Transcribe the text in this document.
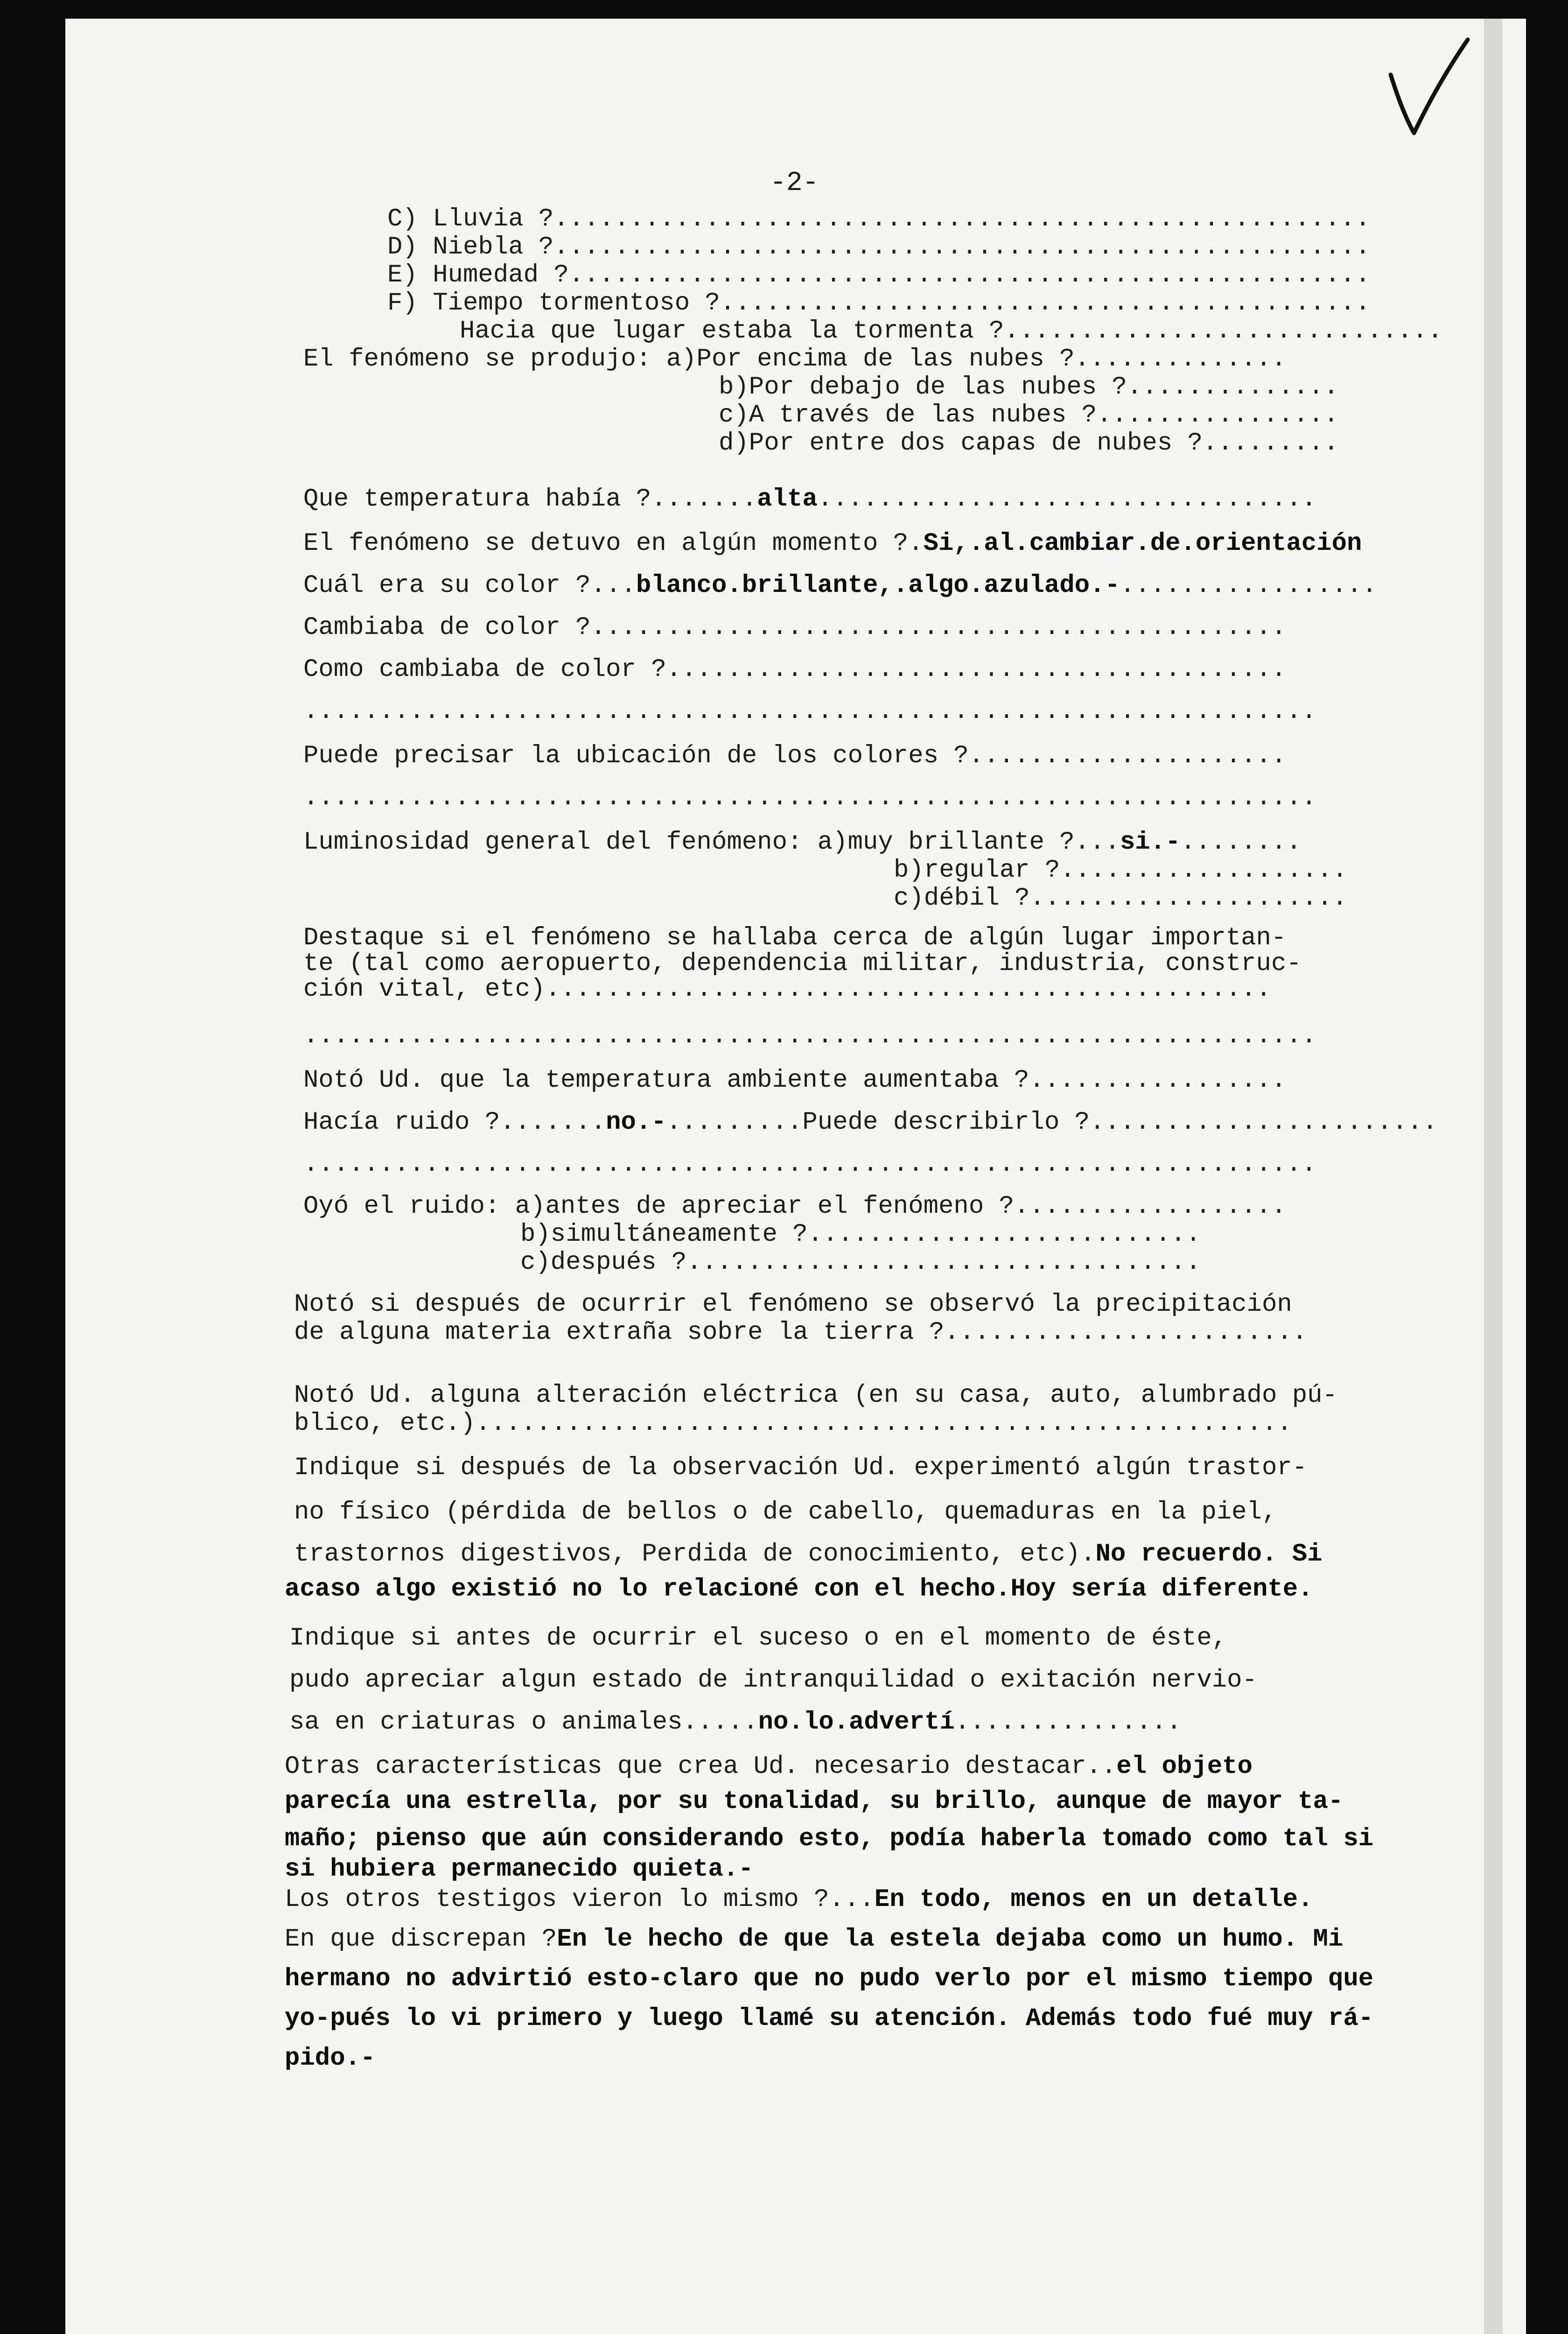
-2-

C) Lluvia ?......................................................

D) Niebla ?......................................................

E) Humedad ?.....................................................

F) Tiempo tormentoso ?...........................................

Hacia que lugar estaba la tormenta ?.............................

El fenómeno se produjo: a)Por encima de las nubes ?..............

b)Por debajo de las nubes ?..............

c)A través de las nubes ?................

d)Por entre dos capas de nubes ?.........

Que temperatura había ?.......alta.................................

El fenómeno se detuvo en algún momento ?.Si,.al.cambiar.de.orientación

Cuál era su color ?...blanco.brillante,.algo.azulado.-.................

Cambiaba de color ?..............................................

Como cambiaba de color ?.........................................

...................................................................

Puede precisar la ubicación de los colores ?.....................

...................................................................

Luminosidad general del fenómeno: a)muy brillante ?...si.-........

b)regular ?...................

c)débil ?.....................

Destaque si el fenómeno se hallaba cerca de algún lugar importan-

te (tal como aeropuerto, dependencia militar, industria, construc-

ción vital, etc)................................................

...................................................................

Notó Ud. que la temperatura ambiente aumentaba ?.................

Hacía ruido ?.......no.-.........Puede describirlo ?.......................

...................................................................

Oyó el ruido: a)antes de apreciar el fenómeno ?..................

b)simultáneamente ?..........................

c)después ?..................................

Notó si después de ocurrir el fenómeno se observó la precipitación

de alguna materia extraña sobre la tierra ?........................

Notó Ud. alguna alteración eléctrica (en su casa, auto, alumbrado pú-

blico, etc.)......................................................

Indique si después de la observación Ud. experimentó algún trastor-

no físico (pérdida de bellos o de cabello, quemaduras en la piel,

trastornos digestivos, Perdida de conocimiento, etc).No recuerdo. Si

acaso algo existió no lo relacioné con el hecho.Hoy sería diferente.

Indique si antes de ocurrir el suceso o en el momento de éste,

pudo apreciar algun estado de intranquilidad o exitación nervio-

sa en criaturas o animales.....no.lo.advertí...............

Otras características que crea Ud. necesario destacar..el objeto

parecía una estrella, por su tonalidad, su brillo, aunque de mayor ta-

maño; pienso que aún considerando esto, podía haberla tomado como tal si

si hubiera permanecido quieta.-

Los otros testigos vieron lo mismo ?...En todo, menos en un detalle.

En que discrepan ?En le hecho de que la estela dejaba como un humo. Mi

hermano no advirtió esto-claro que no pudo verlo por el mismo tiempo que

yo-pués lo vi primero y luego llamé su atención. Además todo fué muy rá-

pido.-
